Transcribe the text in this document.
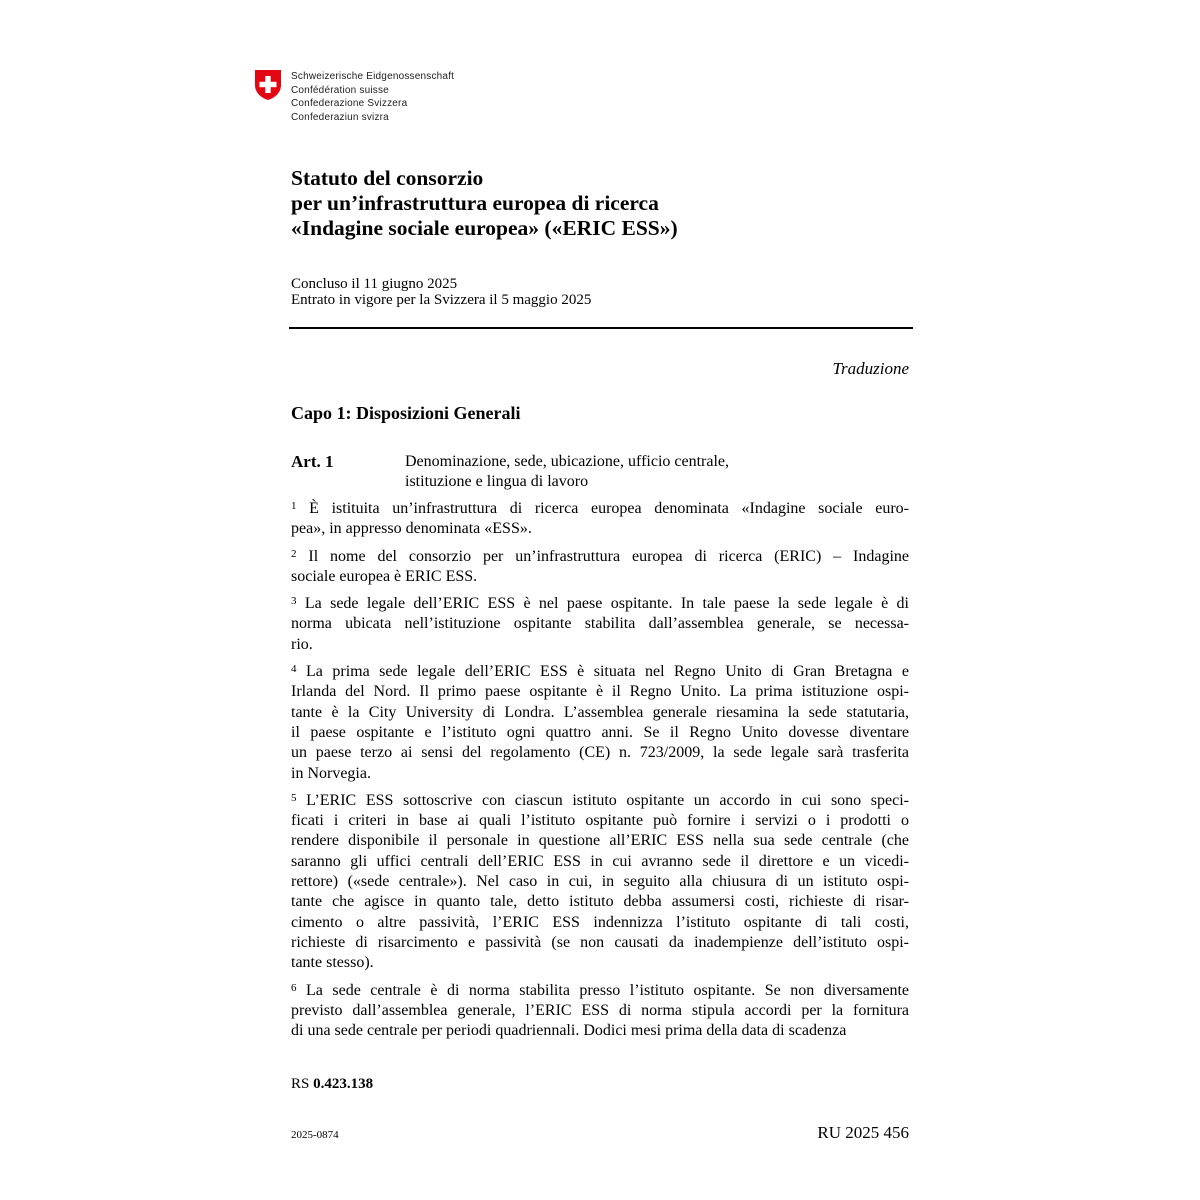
Schweizerische Eidgenossenschaft
Confédération suisse
Confederazione Svizzera
Confederaziun svizra
Statuto del consorzio
per un’infrastruttura europea di ricerca
«Indagine sociale europea» («ERIC ESS»)
Concluso il 11 giugno 2025
Entrato in vigore per la Svizzera il 5 maggio 2025
Traduzione
Capo 1: Disposizioni Generali
Art. 1	Denominazione, sede, ubicazione, ufficio centrale,
istituzione e lingua di lavoro
$^1$ È istituita un’infrastruttura di ricerca europea denominata «Indagine sociale euro-
pea», in appresso denominata «ESS».
$^2$ Il nome del consorzio per un’infrastruttura europea di ricerca (ERIC) – Indagine
sociale europea è ERIC ESS.
$^3$ La sede legale dell’ERIC ESS è nel paese ospitante. In tale paese la sede legale è di
norma ubicata nell’istituzione ospitante stabilita dall’assemblea generale, se necessa-
rio.
$^4$ La prima sede legale dell’ERIC ESS è situata nel Regno Unito di Gran Bretagna e
Irlanda del Nord. Il primo paese ospitante è il Regno Unito. La prima istituzione ospi-
tante è la City University di Londra. L’assemblea generale riesamina la sede statutaria,
il paese ospitante e l’istituto ogni quattro anni. Se il Regno Unito dovesse diventare
un paese terzo ai sensi del regolamento (CE) n. 723/2009, la sede legale sarà trasferita
in Norvegia.
$^5$ L’ERIC ESS sottoscrive con ciascun istituto ospitante un accordo in cui sono speci-
ficati i criteri in base ai quali l’istituto ospitante può fornire i servizi o i prodotti o
rendere disponibile il personale in questione all’ERIC ESS nella sua sede centrale (che
saranno gli uffici centrali dell’ERIC ESS in cui avranno sede il direttore e un vicedi-
rettore) («sede centrale»). Nel caso in cui, in seguito alla chiusura di un istituto ospi-
tante che agisce in quanto tale, detto istituto debba assumersi costi, richieste di risar-
cimento o altre passività, l’ERIC ESS indennizza l’istituto ospitante di tali costi,
richieste di risarcimento e passività (se non causati da inadempienze dell’istituto ospi-
tante stesso).
$^6$ La sede centrale è di norma stabilita presso l’istituto ospitante. Se non diversamente
previsto dall’assemblea generale, l’ERIC ESS di norma stipula accordi per la fornitura
di una sede centrale per periodi quadriennali. Dodici mesi prima della data di scadenza
RS 0.423.138
2025-0874	RU 2025 456
